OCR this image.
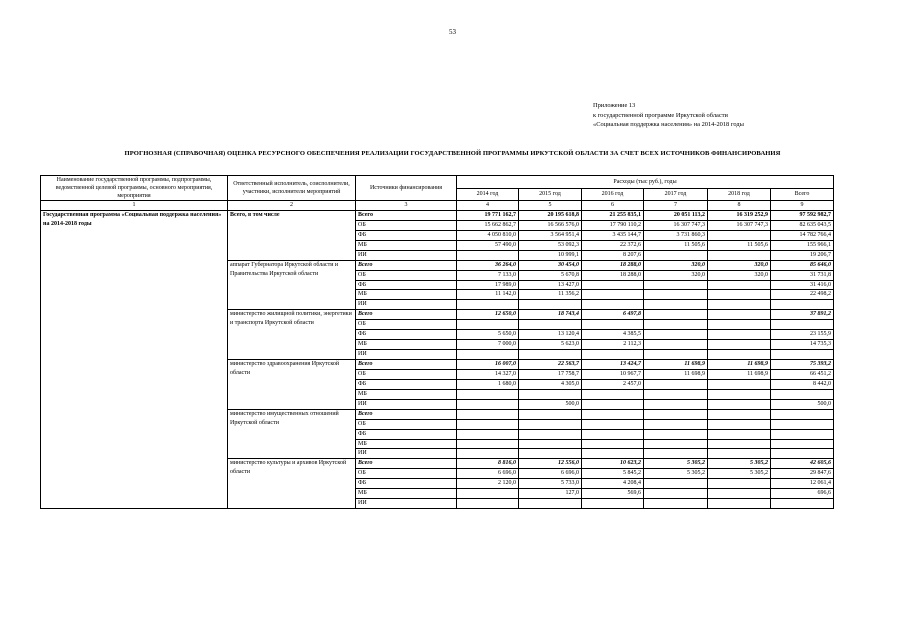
53
Приложение 13
к государственной программе Иркутской области
«Социальная поддержка населения» на 2014-2018 годы
ПРОГНОЗНАЯ (СПРАВОЧНАЯ) ОЦЕНКА РЕСУРСНОГО ОБЕСПЕЧЕНИЯ РЕАЛИЗАЦИИ ГОСУДАРСТВЕННОЙ ПРОГРАММЫ ИРКУТСКОЙ ОБЛАСТИ ЗА СЧЕТ ВСЕХ ИСТОЧНИКОВ ФИНАНСИРОВАНИЯ
Наименование государственной программы, подпрограммы, ведомственной целевой программы, основного мероприятия, мероприятия	Ответственный исполнитель, соисполнители, участники, исполнители мероприятий	Источники финансирования	Расходы (тыс руб.), годы					
			2014 год	2015 год	2016 год	2017 год	2018 год	Всего
1	2	3	4	5	6	7	8	9
Государственная программа «Социальная поддержка населения» на 2014-2018 годы	Всего, в том числе	Всего	19 771 162,7	20 195 618,8	21 255 835,1	20 051 113,2	16 319 252,9	97 592 982,7
		ОБ	15 662 862,7	16 566 576,0	17 790 110,2	16 307 747,3	16 307 747,3	82 635 043,5
		ФБ	4 050 810,0	3 564 951,4	3 435 144,7	3 731 860,3		14 782 766,4
		МБ	57 490,0	53 092,3	22 372,6	11 505,6	11 505,6	155 966,1
		ИИ		10 999,1	8 207,6			19 206,7
	аппарат Губернатора Иркутской области и Правительства Иркутской области	Всего	36 264,0	30 454,0	18 288,0	320,0	320,0	85 646,0
		ОБ	7 133,0	5 670,8	18 288,0	320,0	320,0	31 731,8
		ФБ	17 989,0	13 427,0				31 416,0
		МБ	11 142,0	11 356,2				22 498,2
		ИИ						
	министерство жилищной политики, энергетики и транспорта Иркутской области	Всего	12 650,0	18 743,4	6 497,8			37 891,2
		ОБ						
		ФБ	5 650,0	13 120,4	4 385,5			23 155,9
		МБ	7 000,0	5 623,0	2 112,3			14 735,3
		ИИ						
	министерство здравоохранения Иркутской области	Всего	16 007,0	22 563,7	13 424,7	11 698,9	11 698,9	75 393,2
		ОБ	14 327,0	17 758,7	10 967,7	11 698,9	11 698,9	66 451,2
		ФБ	1 680,0	4 305,0	2 457,0			8 442,0
		МБ						
		ИИ		500,0				500,0
	министерство имущественных отношений Иркутской области	Всего						
		ОБ						
		ФБ						
		МБ						
		ИИ						
	министерство культуры и архивов Иркутской области	Всего	8 816,0	12 556,0	10 623,2	5 305,2	5 305,2	42 605,6
		ОБ	6 696,0	6 696,0	5 845,2	5 305,2	5 305,2	29 847,6
		ФБ	2 120,0	5 733,0	4 208,4			12 061,4
		МБ		127,0	569,6			696,6
		ИИ						
